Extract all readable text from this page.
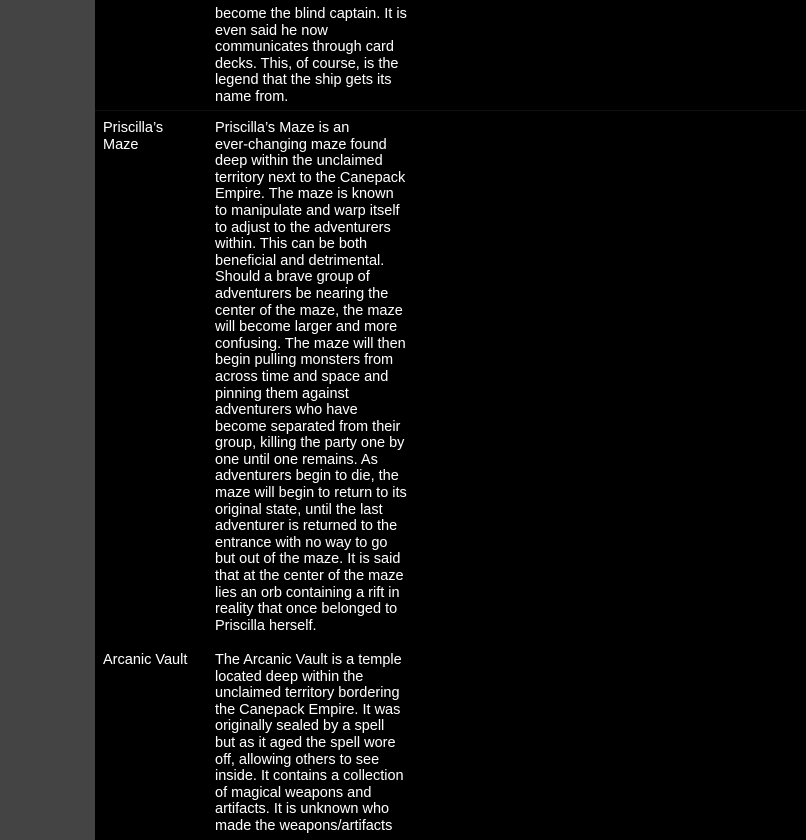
become the blind captain. It is
even said he now
communicates through card
decks. This, of course, is the
legend that the ship gets its
name from.
Priscilla’s
Maze
Priscilla’s Maze is an
ever-changing maze found
deep within the unclaimed
territory next to the Canepack
Empire. The maze is known
to manipulate and warp itself
to adjust to the adventurers
within. This can be both
beneficial and detrimental.
Should a brave group of
adventurers be nearing the
center of the maze, the maze
will become larger and more
confusing. The maze will then
begin pulling monsters from
across time and space and
pinning them against
adventurers who have
become separated from their
group, killing the party one by
one until one remains. As
adventurers begin to die, the
maze will begin to return to its
original state, until the last
adventurer is returned to the
entrance with no way to go
but out of the maze. It is said
that at the center of the maze
lies an orb containing a rift in
reality that once belonged to
Priscilla herself.
Arcanic Vault	The Arcanic Vault is a temple
located deep within the
unclaimed territory bordering
the Canepack Empire. It was
originally sealed by a spell
but as it aged the spell wore
off, allowing others to see
inside. It contains a collection
of magical weapons and
artifacts. It is unknown who
made the weapons/artifacts
